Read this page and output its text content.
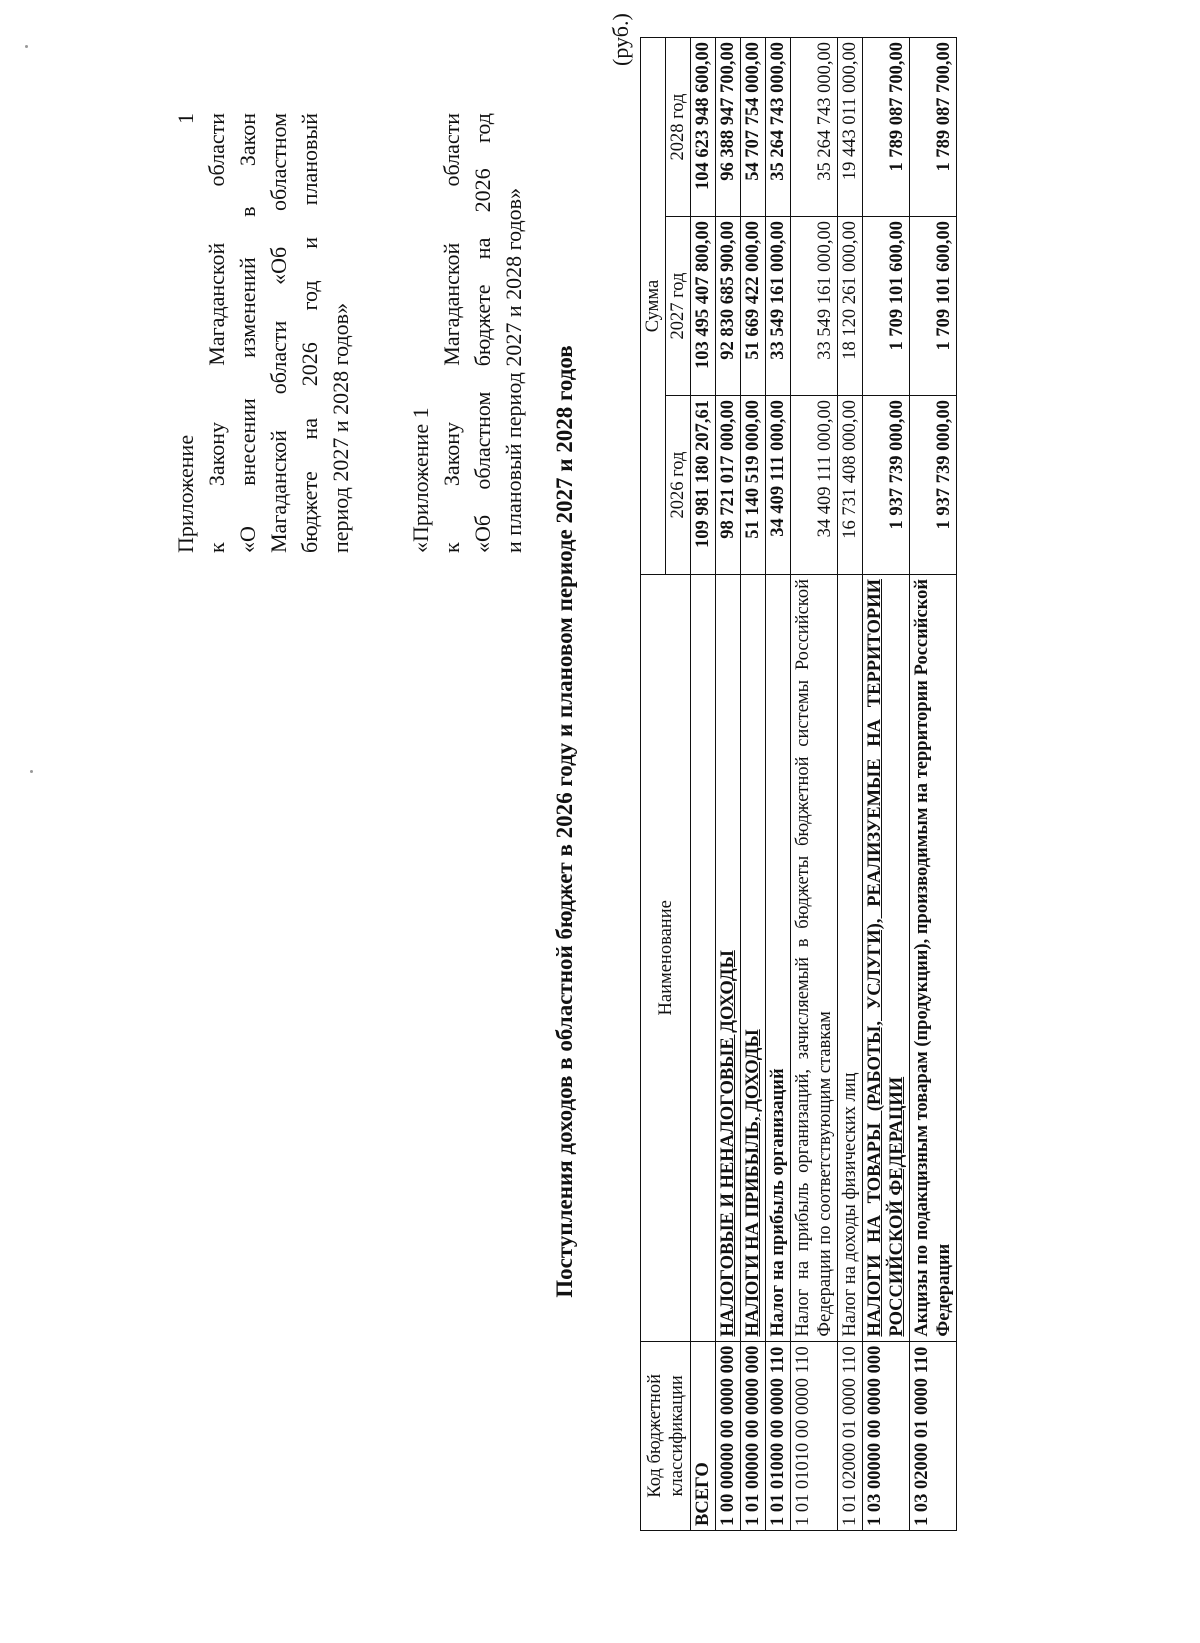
Приложение 1 к Закону Магаданской области «О внесении изменений в Закон Магаданской области «Об областном бюджете на 2026 год и плановый период 2027 и 2028 годов»	«Приложение 1 к Закону Магаданской области «Об областном бюджете на 2026 год и плановый период 2027 и 2028 годов» Поступления доходов в областной бюджет в 2026 году и плановом периоде 2027 и 2028 годов
(руб.)
Код бюджетной классификации	Наименование	Сумма		
		2026 год	2027 год	2028 год
ВСЕГО		109 981 180 207,61	103 495 407 800,00	104 623 948 600,00
1 00 00000 00 0000 000	НАЛОГОВЫЕ И НЕНАЛОГОВЫЕ ДОХОДЫ	98 721 017 000,00	92 830 685 900,00	96 388 947 700,00
1 01 00000 00 0000 000	НАЛОГИ НА ПРИБЫЛЬ, ДОХОДЫ	51 140 519 000,00	51 669 422 000,00	54 707 754 000,00
1 01 01000 00 0000 110	Налог на прибыль организаций	34 409 111 000,00	33 549 161 000,00	35 264 743 000,00
1 01 01010 00 0000 110	Налог на прибыль организаций, зачисляемый в бюджеты бюджетной системы Российской Федерации по соответствующим ставкам	34 409 111 000,00	33 549 161 000,00	35 264 743 000,00
1 01 02000 01 0000 110	Налог на доходы физических лиц	16 731 408 000,00	18 120 261 000,00	19 443 011 000,00
1 03 00000 00 0000 000	НАЛОГИ НА ТОВАРЫ (РАБОТЫ, УСЛУГИ), РЕАЛИЗУЕМЫЕ НА ТЕРРИТОРИИ РОССИЙСКОЙ ФЕДЕРАЦИИ	1 937 739 000,00	1 709 101 600,00	1 789 087 700,00
1 03 02000 01 0000 110	Акцизы по подакцизным товарам (продукции), производимым на территории Российской Федерации	1 937 739 000,00	1 709 101 600,00	1 789 087 700,00
